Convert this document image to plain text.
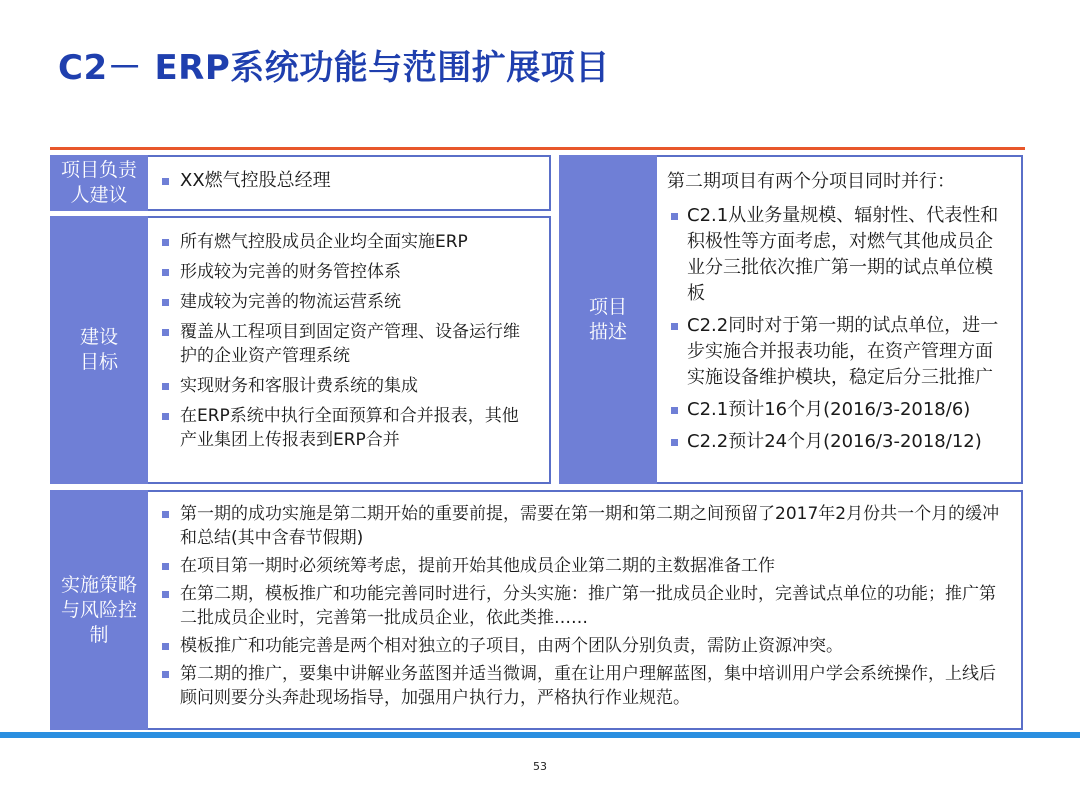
C2－ ERP系统功能与范围扩展项目
项目负责
人建议
XX燃气控股总经理
建设
目标
所有燃气控股成员企业均全面实施ERP
形成较为完善的财务管控体系
建成较为完善的物流运营系统
覆盖从工程项目到固定资产管理、设备运行维护的企业资产管理系统
实现财务和客服计费系统的集成
在ERP系统中执行全面预算和合并报表，其他产业集团上传报表到ERP合并
项目
描述
第二期项目有两个分项目同时并行：
C2.1从业务量规模、辐射性、代表性和积极性等方面考虑，对燃气其他成员企业分三批依次推广第一期的试点单位模板
C2.2同时对于第一期的试点单位，进一步实施合并报表功能，在资产管理方面实施设备维护模块，稳定后分三批推广
C2.1预计16个月(2016/3-2018/6)
C2.2预计24个月(2016/3-2018/12)
实施策略
与风险控
制
第一期的成功实施是第二期开始的重要前提，需要在第一期和第二期之间预留了2017年2月份共一个月的缓冲和总结(其中含春节假期)
在项目第一期时必须统筹考虑，提前开始其他成员企业第二期的主数据准备工作
在第二期，模板推广和功能完善同时进行，分头实施：推广第一批成员企业时，完善试点单位的功能；推广第二批成员企业时，完善第一批成员企业，依此类推……
模板推广和功能完善是两个相对独立的子项目，由两个团队分别负责，需防止资源冲突。
第二期的推广，要集中讲解业务蓝图并适当微调，重在让用户理解蓝图，集中培训用户学会系统操作，上线后顾问则要分头奔赴现场指导，加强用户执行力，严格执行作业规范。
53
